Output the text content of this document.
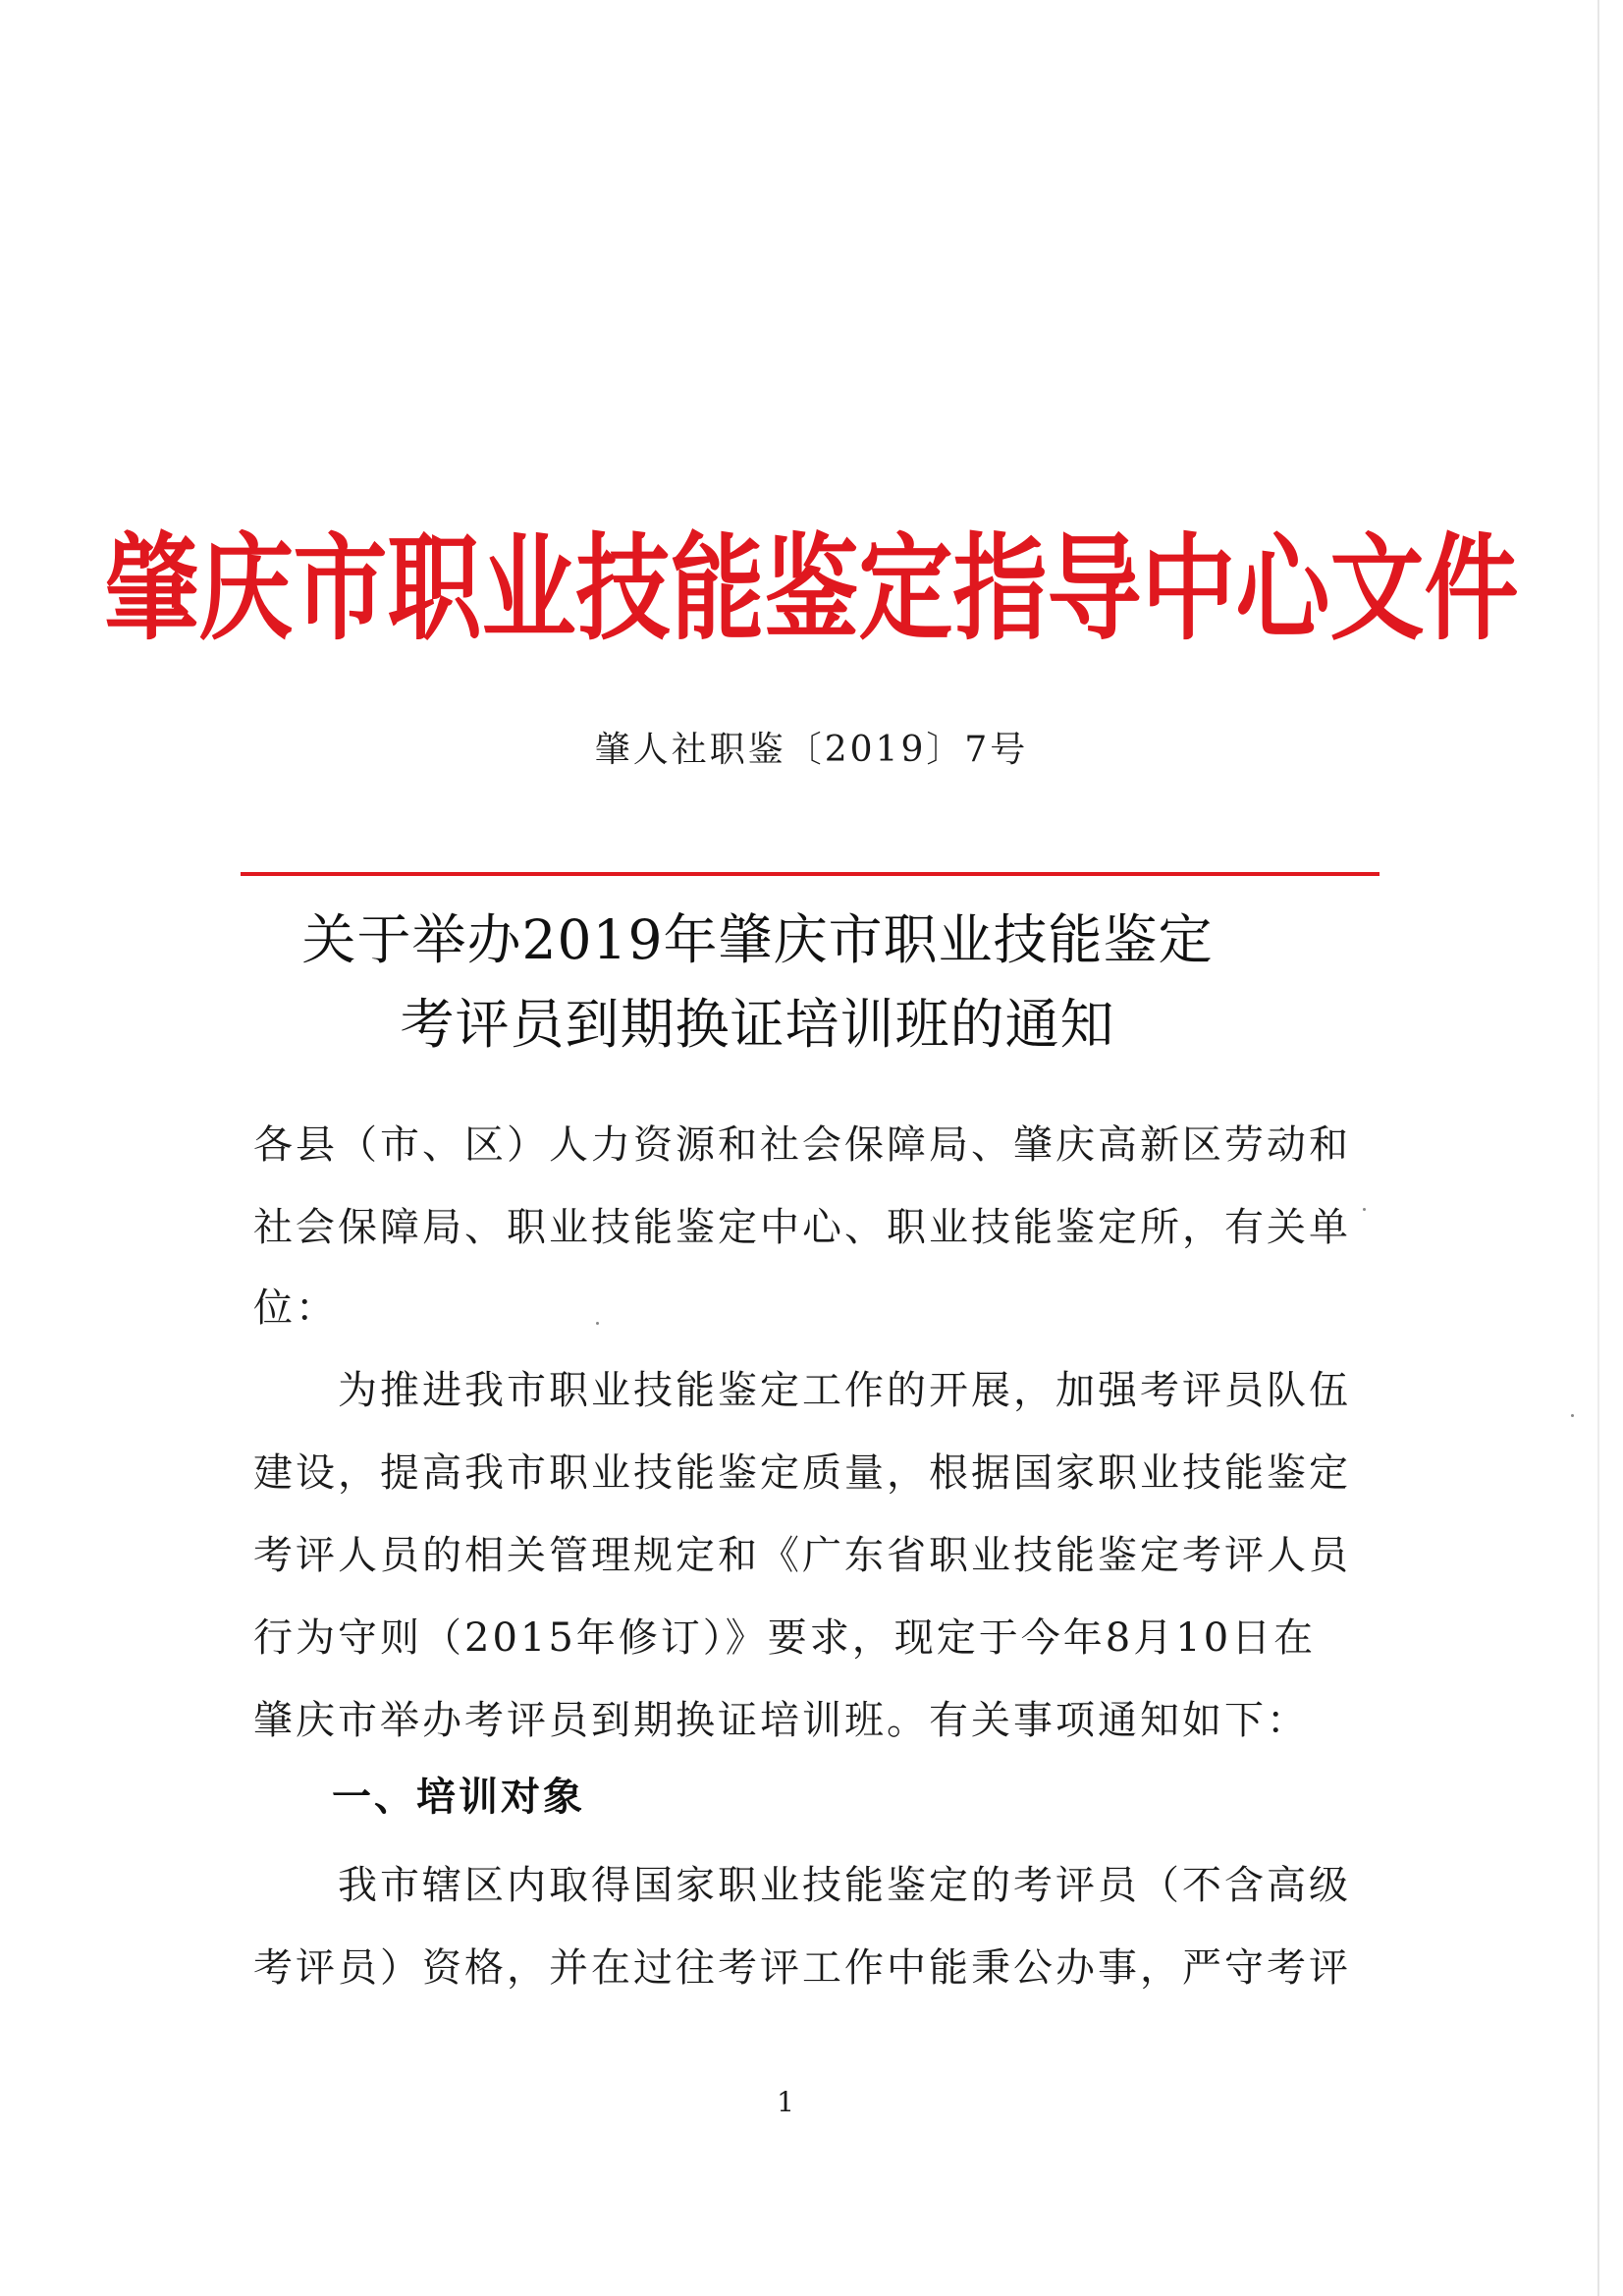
肇庆市职业技能鉴定指导中心文件
肇人社职鉴〔2019〕7号
关于举办2019年肇庆市职业技能鉴定
考评员到期换证培训班的通知
各县（市、区）人力资源和社会保障局、肇庆高新区劳动和
社会保障局、职业技能鉴定中心、职业技能鉴定所，有关单
位：
　　为推进我市职业技能鉴定工作的开展，加强考评员队伍
建设，提高我市职业技能鉴定质量，根据国家职业技能鉴定
考评人员的相关管理规定和《广东省职业技能鉴定考评人员
行为守则（2015年修订）》要求，现定于今年8月10日在
肇庆市举办考评员到期换证培训班。有关事项通知如下：
一、培训对象
　　我市辖区内取得国家职业技能鉴定的考评员（不含高级
考评员）资格，并在过往考评工作中能秉公办事，严守考评
1
